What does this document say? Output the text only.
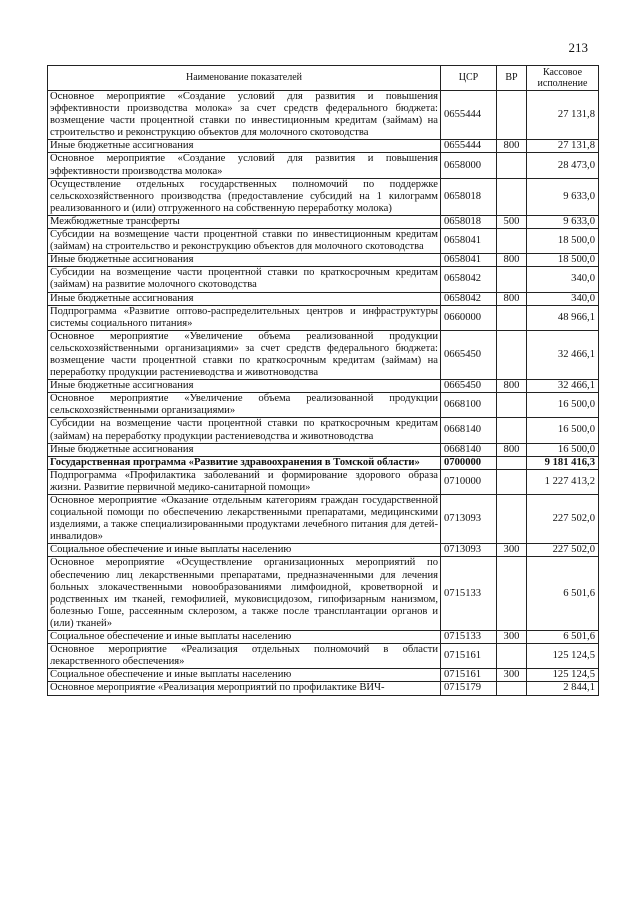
213
Наименование показателей	ЦСР	ВР	Кассовое исполнение
Основное мероприятие «Создание условий для развития и повышения эффективности производства молока» за счет средств федерального бюджета: возмещение части процентной ставки по инвестиционным кредитам (займам) на строительство и реконструкцию объектов для молочного скотоводства	0655444		27 131,8
Иные бюджетные ассигнования	0655444	800	27 131,8
Основное мероприятие «Создание условий для развития и повышения эффективности производства молока»	0658000		28 473,0
Осуществление отдельных государственных полномочий по поддержке сельскохозяйственного производства (предоставление субсидий на 1 килограмм реализованного и (или) отгруженного на собственную переработку молока)	0658018		9 633,0
Межбюджетные трансферты	0658018	500	9 633,0
Субсидии на возмещение части процентной ставки по инвестиционным кредитам (займам) на строительство и реконструкцию объектов для молочного скотоводства	0658041		18 500,0
Иные бюджетные ассигнования	0658041	800	18 500,0
Субсидии на возмещение части процентной ставки по краткосрочным кредитам (займам) на развитие молочного скотоводства	0658042		340,0
Иные бюджетные ассигнования	0658042	800	340,0
Подпрограмма «Развитие оптово-распределительных центров и инфраструктуры системы социального питания»	0660000		48 966,1
Основное мероприятие «Увеличение объема реализованной продукции сельскохозяйственными организациями» за счет средств федерального бюджета: возмещение части процентной ставки по краткосрочным кредитам (займам) на переработку продукции растениеводства и животноводства	0665450		32 466,1
Иные бюджетные ассигнования	0665450	800	32 466,1
Основное мероприятие «Увеличение объема реализованной продукции сельскохозяйственными организациями»	0668100		16 500,0
Субсидии на возмещение части процентной ставки по краткосрочным кредитам (займам) на переработку продукции растениеводства и животноводства	0668140		16 500,0
Иные бюджетные ассигнования	0668140	800	16 500,0
Государственная программа «Развитие здравоохранения в Томской области»	0700000		9 181 416,3
Подпрограмма «Профилактика заболеваний и формирование здорового образа жизни. Развитие первичной медико-санитарной помощи»	0710000		1 227 413,2
Основное мероприятие «Оказание отдельным категориям граждан государственной социальной помощи по обеспечению лекарственными препаратами, медицинскими изделиями, а также специализированными продуктами лечебного питания для детей-инвалидов»	0713093		227 502,0
Социальное обеспечение и иные выплаты населению	0713093	300	227 502,0
Основное мероприятие «Осуществление организационных мероприятий по обеспечению лиц лекарственными препаратами, предназначенными для лечения больных злокачественными новообразованиями лимфоидной, кроветворной и родственных им тканей, гемофилией, муковисцидозом, гипофизарным нанизмом, болезнью Гоше, рассеянным склерозом, а также после трансплантации органов и (или) тканей»	0715133		6 501,6
Социальное обеспечение и иные выплаты населению	0715133	300	6 501,6
Основное мероприятие «Реализация отдельных полномочий в области лекарственного обеспечения»	0715161		125 124,5
Социальное обеспечение и иные выплаты населению	0715161	300	125 124,5
Основное мероприятие «Реализация мероприятий по профилактике ВИЧ-	0715179		2 844,1
